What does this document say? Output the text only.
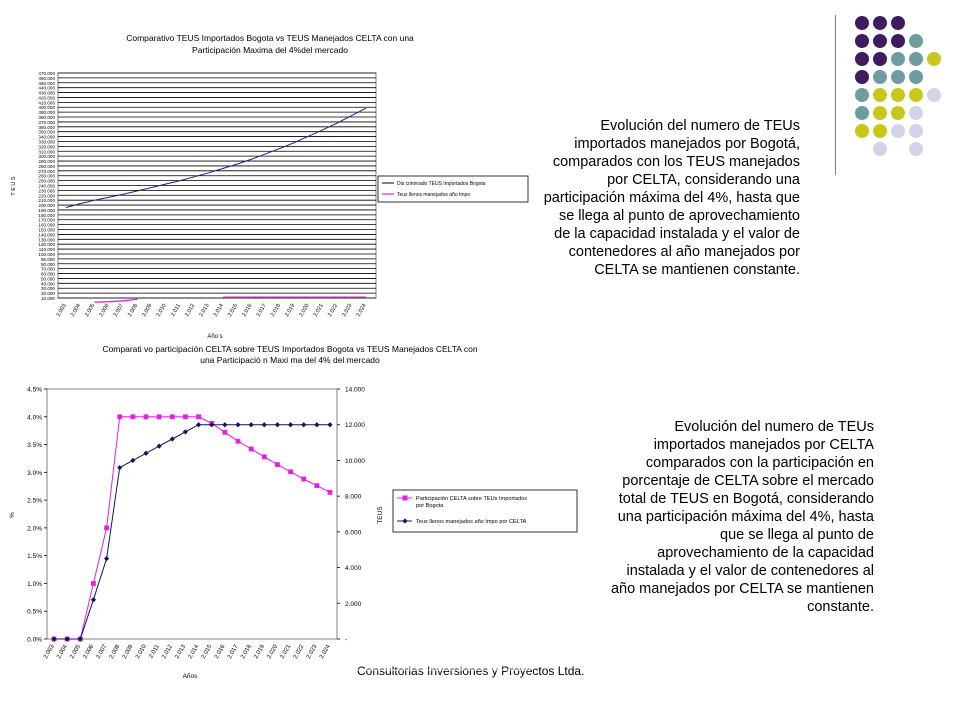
Evolución del numero de TEUs importados manejados por Bogotá, comparados con los TEUS manejados por CELTA, considerando una participación máxima del 4%, hasta que se llega al punto de aprovechamiento de la capacidad instalada y el valor de contenedores al año manejados por CELTA se mantienen constante.
Evolución del numero de TEUs importados manejados por CELTA comparados con la participación en porcentaje de CELTA sobre el mercado total de TEUS en Bogotá, considerando una participación máxima del 4%, hasta que se llega al punto de aprovechamiento de la capacidad instalada y el valor de contenedores al año manejados por CELTA se mantienen constante.
Consultorias Inversiones y Proyectos Ltda.
Comparativo TEUS Importados Bogota vs TEUS Manejados CELTA con una
Participación Maxima del 4%del mercado
10.000
20.000
30.000
40.000
50.000
60.000
70.000
80.000
90.000
100.000
110.000
120.000
130.000
140.000
150.000
160.000
170.000
180.000
190.000
200.000
210.000
220.000
230.000
240.000
250.000
260.000
270.000
280.000
290.000
300.000
310.000
320.000
330.000
340.000
350.000
360.000
370.000
380.000
390.000
400.000
410.000
420.000
430.000
440.000
450.000
460.000
470.000
T E U S
2.003 2.004 2.005 2.006 2.007 2.008 2.009 2.010 2.011 2.012 2.013 2.014 2.015 2.016 2.017 2.018 2.019 2.020 2.021 2.022 2.023 2.024
Año s
Dis criminado TEUS Importados Bogota
Teus llenos manejados año Impo
Comparati vo participación CELTA sobre TEUS Importados Bogota vs TEUS Manejados CELTA con
una Participació n Maxi ma del 4% del mercado
0.0%
0.5%
1.0%
1.5%
2.0%
2.5%
3.0%
3.5%
4.0%
4.5%
-
2.000
4.000
6.000
8.000
10.000
12.000
14.000
%	TEUS
2.003 2.004 2.005 2.006 2.007 2.008 2.009 2.010 2.011 2.012 2.013 2.014 2.015 2.016 2.017 2.018 2.019 2.020 2.021 2.022 2.023 2.024
Años
Participación CELTA sobre TEUs Importados por Bogota
Teus llenos manejados año Impo por CELTA
